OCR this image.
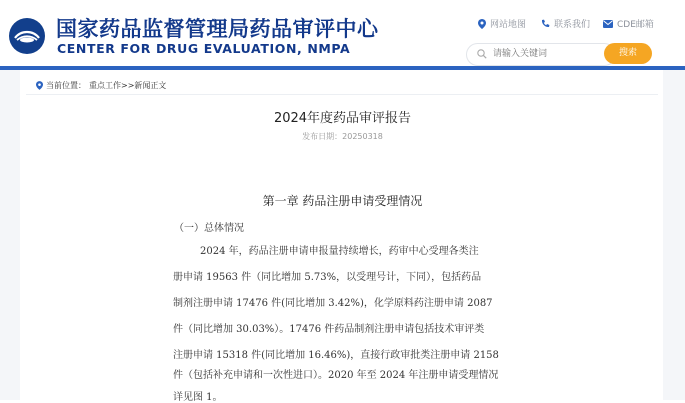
国家药品监督管理局药品审评中心
CENTER FOR DRUG EVALUATION, NMPA
网站地图	联系我们	CDE邮箱
请输入关键词
搜索
当前位置： 重点工作>>新闻正文
2024年度药品审评报告
发布日期：20250318
第一章 药品注册申请受理情况
（一）总体情况
2024 年，药品注册申请申报量持续增长，药审中心受理各类注
册申请 19563 件（同比增加 5.73%，以受理号计，下同），包括药品
制剂注册申请 17476 件(同比增加 3.42%)，化学原料药注册申请 2087
件（同比增加 30.03%）。17476 件药品制剂注册申请包括技术审评类
注册申请 15318 件(同比增加 16.46%)，直接行政审批类注册申请 2158
件（包括补充申请和一次性进口）。2020 年至 2024 年注册申请受理情况
详见图 1。
